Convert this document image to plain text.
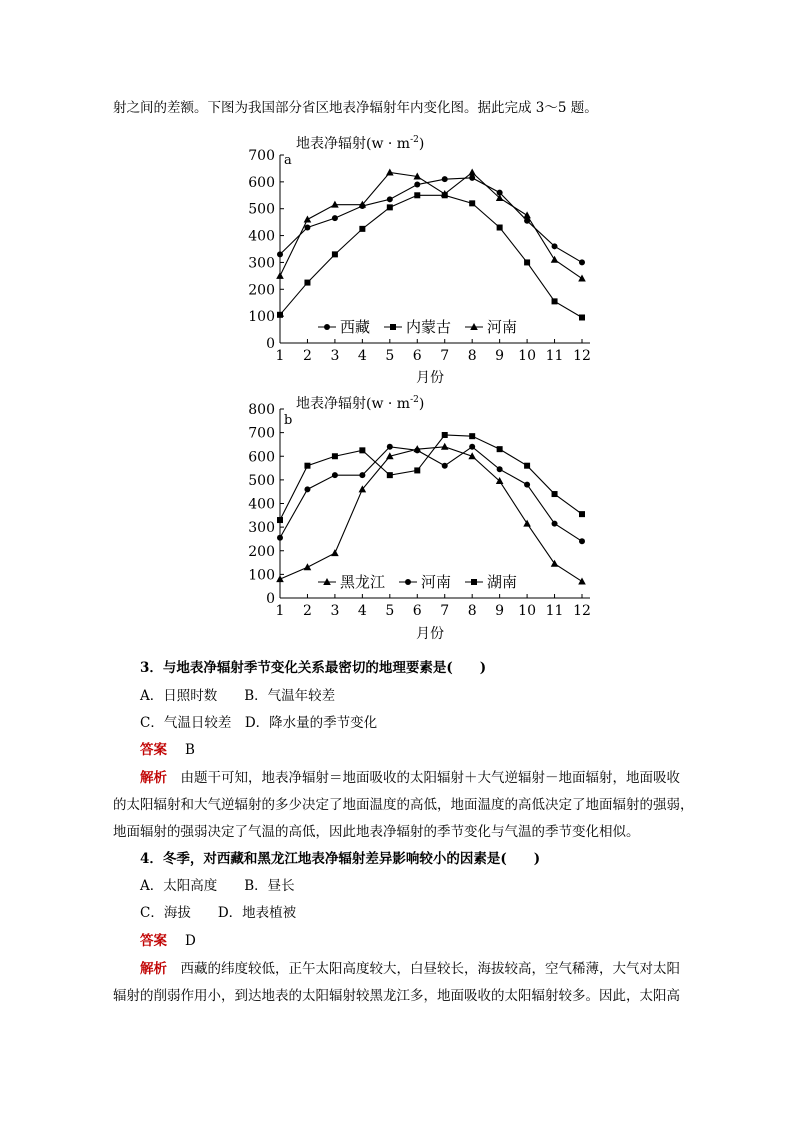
射之间的差额。下图为我国部分省区地表净辐射年内变化图。据此完成 3～5 题。
地表净辐射$(w \cdot m^{-2})$
a
月份
0
100
200
300
400
500
600
700
1 2 3 4 5 6 7 8 9 10 11 12
西藏 内蒙古 河南
地表净辐射$(w \cdot m^{-2})$
b
月份
0
100
200
300
400
500
600
700
800
1 2 3 4 5 6 7 8 9 10 11 12
黑龙江 河南 湖南
3．与地表净辐射季节变化关系最密切的地理要素是(　　)
A．日照时数　　B．气温年较差
C．气温日较差　D．降水量的季节变化
答案 B
解析　由题干可知，地表净辐射＝地面吸收的太阳辐射＋大气逆辐射－地面辐射，地面吸收
的太阳辐射和大气逆辐射的多少决定了地面温度的高低，地面温度的高低决定了地面辐射的强弱，
地面辐射的强弱决定了气温的高低，因此地表净辐射的季节变化与气温的季节变化相似。
4．冬季，对西藏和黑龙江地表净辐射差异影响较小的因素是(　　)
A．太阳高度　　B．昼长
C．海拔　　D．地表植被
答案 D
解析　西藏的纬度较低，正午太阳高度较大，白昼较长，海拔较高，空气稀薄，大气对太阳
辐射的削弱作用小，到达地表的太阳辐射较黑龙江多，地面吸收的太阳辐射较多。因此，太阳高
